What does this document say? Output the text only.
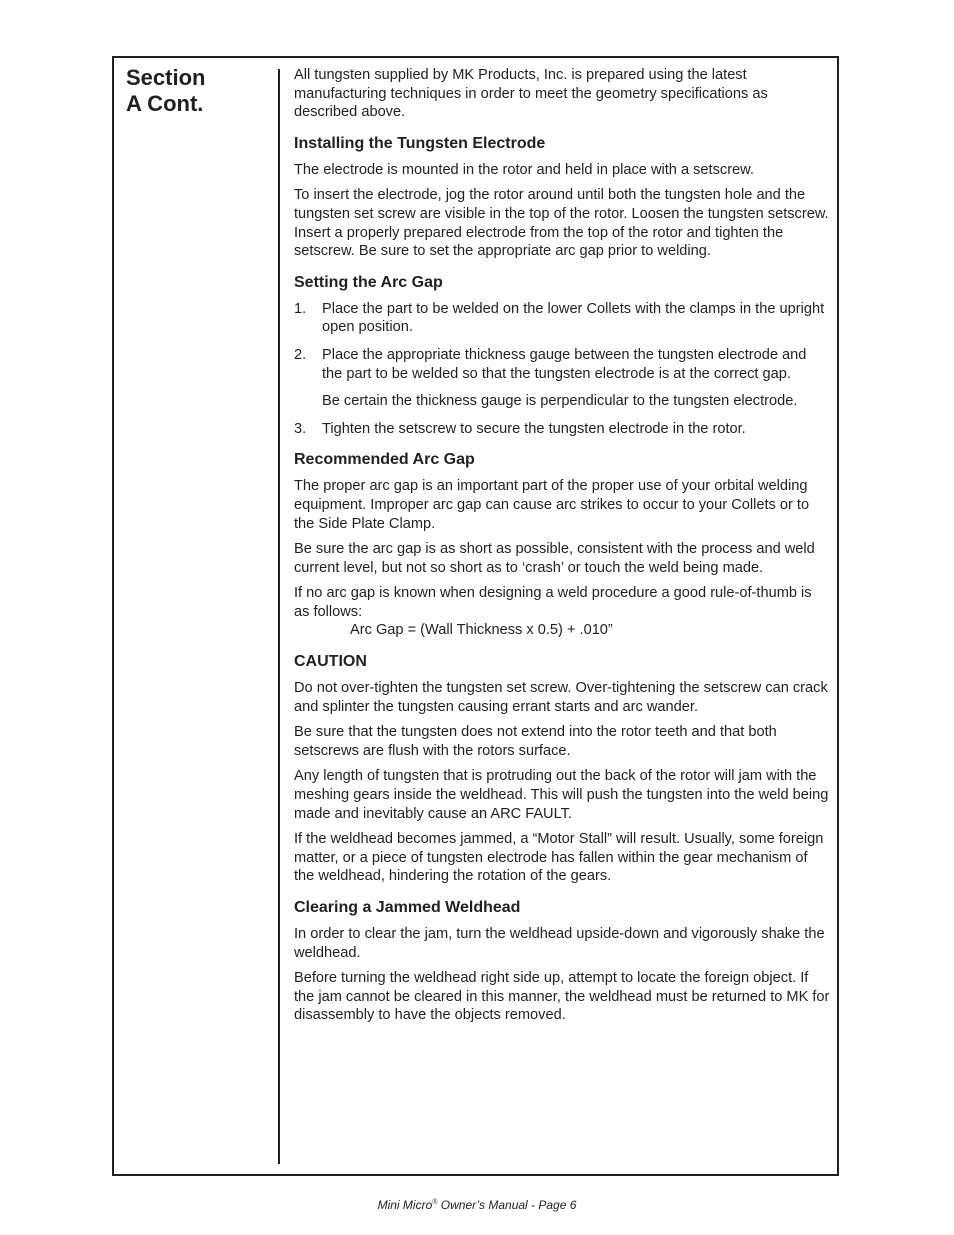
Section
A Cont.

All tungsten supplied by MK Products, Inc. is prepared using the latest manufacturing techniques in order to meet the geometry specifications as described above.

Installing the Tungsten Electrode

The electrode is mounted in the rotor and held in place with a setscrew.

To insert the electrode, jog the rotor around until both the tungsten hole and the tungsten set screw are visible in the top of the rotor. Loosen the tungsten setscrew. Insert a properly prepared electrode from the top of the rotor and tighten the setscrew. Be sure to set the appropriate arc gap prior to welding.

Setting the Arc Gap
1. Place the part to be welded on the lower Collets with the clamps in the upright open position.

2. Place the appropriate thickness gauge between the tungsten electrode and the part to be welded so that the tungsten electrode is at the correct gap.

Be certain the thickness gauge is perpendicular to the tungsten electrode.

3. Tighten the setscrew to secure the tungsten electrode in the rotor.

Recommended Arc Gap

The proper arc gap is an important part of the proper use of your orbital welding equipment. Improper arc gap can cause arc strikes to occur to your Collets or to the Side Plate Clamp.

Be sure the arc gap is as short as possible, consistent with the process and weld current level, but not so short as to ‘crash’ or touch the weld being made.

If no arc gap is known when designing a weld procedure a good rule-of-thumb is as follows:
Arc Gap = (Wall Thickness x 0.5) + .010”

CAUTION

Do not over-tighten the tungsten set screw. Over-tightening the setscrew can crack and splinter the tungsten causing errant starts and arc wander.

Be sure that the tungsten does not extend into the rotor teeth and that both setscrews are flush with the rotors surface.

Any length of tungsten that is protruding out the back of the rotor will jam with the meshing gears inside the weldhead. This will push the tungsten into the weld being made and inevitably cause an ARC FAULT.

If the weldhead becomes jammed, a “Motor Stall” will result. Usually, some foreign matter, or a piece of tungsten electrode has fallen within the gear mechanism of the weldhead, hindering the rotation of the gears.

Clearing a Jammed Weldhead

In order to clear the jam, turn the weldhead upside-down and vigorously shake the weldhead.

Before turning the weldhead right side up, attempt to locate the foreign object. If the jam cannot be cleared in this manner, the weldhead must be returned to MK for disassembly to have the objects removed.

Mini Micro® Owner’s Manual - Page 6
